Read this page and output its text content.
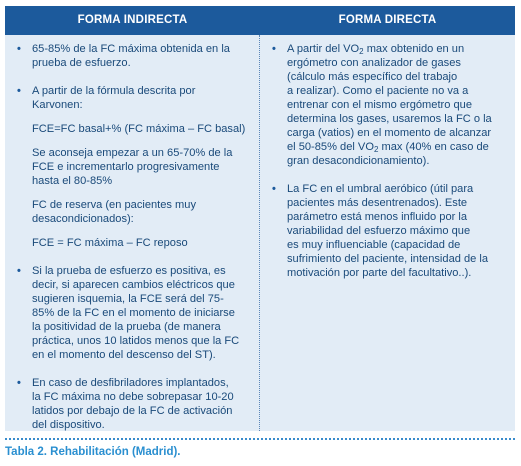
FORMA INDIRECTA	FORMA DIRECTA
• 65-85% de la FC máxima obtenida en la
prueba de esfuerzo.
• A partir de la fórmula descrita por
Karvonen:
FCE=FC basal+% (FC máxima – FC basal)
Se aconseja empezar a un 65-70% de la
FCE e incrementarlo progresivamente
hasta el 80-85%
FC de reserva (en pacientes muy
desacondicionados):
FCE = FC máxima – FC reposo
• Si la prueba de esfuerzo es positiva, es
decir, si aparecen cambios eléctricos que
sugieren isquemia, la FCE será del 75-
85% de la FC en el momento de iniciarse
la positividad de la prueba (de manera
práctica, unos 10 latidos menos que la FC
en el momento del descenso del ST).
• En caso de desfibriladores implantados,
la FC máxima no debe sobrepasar 10-20
latidos por debajo de la FC de activación
del dispositivo.
• A partir del $VO_2$ max obtenido en un
ergómetro con analizador de gases
(cálculo más específico del trabajo
a realizar). Como el paciente no va a
entrenar con el mismo ergómetro que
determina los gases, usaremos la FC o la
carga (vatios) en el momento de alcanzar
el 50-85% del $VO_2$ max (40% en caso de
gran desacondicionamiento).
• La FC en el umbral aeróbico (útil para
pacientes más desentrenados). Este
parámetro está menos influido por la
variabilidad del esfuerzo máximo que
es muy influenciable (capacidad de
sufrimiento del paciente, intensidad de la
motivación por parte del facultativo..).
Tabla 2. Rehabilitación (Madrid).
